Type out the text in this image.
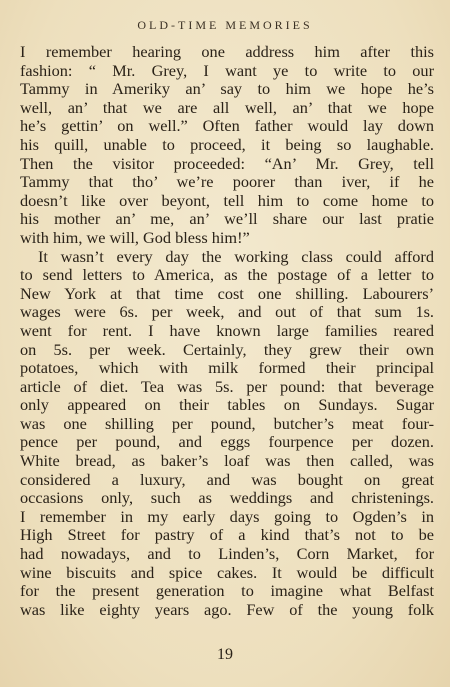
OLD-TIME MEMORIES
I remember hearing one address him after this
fashion: “ Mr. Grey, I want ye to write to our
Tammy in Ameriky an’ say to him we hope he’s
well, an’ that we are all well, an’ that we hope
he’s gettin’ on well.” Often father would lay down
his quill, unable to proceed, it being so laughable.
Then the visitor proceeded: “An’ Mr. Grey, tell
Tammy that tho’ we’re poorer than iver, if he
doesn’t like over beyont, tell him to come home to
his mother an’ me, an’ we’ll share our last pratie
with him, we will, God bless him!”
It wasn’t every day the working class could afford
to send letters to America, as the postage of a letter to
New York at that time cost one shilling. Labourers’
wages were 6s. per week, and out of that sum 1s.
went for rent. I have known large families reared
on 5s. per week. Certainly, they grew their own
potatoes, which with milk formed their principal
article of diet. Tea was 5s. per pound: that beverage
only appeared on their tables on Sundays. Sugar
was one shilling per pound, butcher’s meat four-
pence per pound, and eggs fourpence per dozen.
White bread, as baker’s loaf was then called, was
considered a luxury, and was bought on great
occasions only, such as weddings and christenings.
I remember in my early days going to Ogden’s in
High Street for pastry of a kind that’s not to be
had nowadays, and to Linden’s, Corn Market, for
wine biscuits and spice cakes. It would be difficult
for the present generation to imagine what Belfast
was like eighty years ago. Few of the young folk
19
